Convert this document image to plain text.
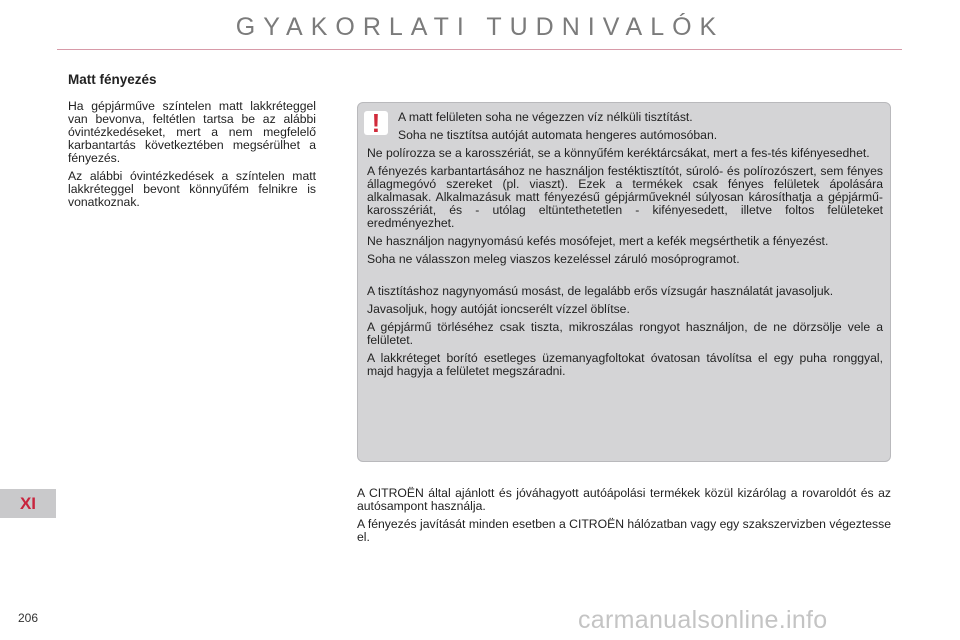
GYAKORLATI TUDNIVALÓK
Matt fényezés

Ha gépjárműve színtelen matt lakkréteggel van bevonva, feltétlen tartsa be az alábbi óvintézkedéseket, mert a nem megfelelő karbantartás következtében megsérülhet a fényezés.

Az alábbi óvintézkedések a színtelen matt lakkréteggel bevont könnyűfém felnikre is vonatkoznak.

! A matt felületen soha ne végezzen víz nélküli tisztítást.

Soha ne tisztítsa autóját automata hengeres autómosóban.

Ne polírozza se a karosszériát, se a könnyűfém keréktárcsákat, mert a fes-tés kifényesedhet.

A fényezés karbantartásához ne használjon festéktisztítót, súroló- és polírozószert, sem fényes állagmegóvó szereket (pl. viaszt). Ezek a termékek csak fényes felületek ápolására alkalmasak. Alkalmazásuk matt fényezésű gépjárműveknél súlyosan károsíthatja a gépjármű-karosszériát, és - utólag eltüntethetetlen - kifényesedett, illetve foltos felületeket eredményezhet.

Ne használjon nagynyomású kefés mosófejet, mert a kefék megsérthetik a fényezést.

Soha ne válasszon meleg viaszos kezeléssel záruló mosóprogramot.

A tisztításhoz nagynyomású mosást, de legalább erős vízsugár használatát javasoljuk.

Javasoljuk, hogy autóját ioncserélt vízzel öblítse.

A gépjármű törléséhez csak tiszta, mikroszálas rongyot használjon, de ne dörzsölje vele a felületet.

A lakkréteget borító esetleges üzemanyagfoltokat óvatosan távolítsa el egy puha ronggyal, majd hagyja a felületet megszáradni.

A CITROËN által ajánlott és jóváhagyott autóápolási termékek közül kizárólag a rovaroldót és az autósampont használja.

A fényezés javítását minden esetben a CITROËN hálózatban vagy egy szakszervizben végeztesse el.

XI
206	carmanualsonline.info
